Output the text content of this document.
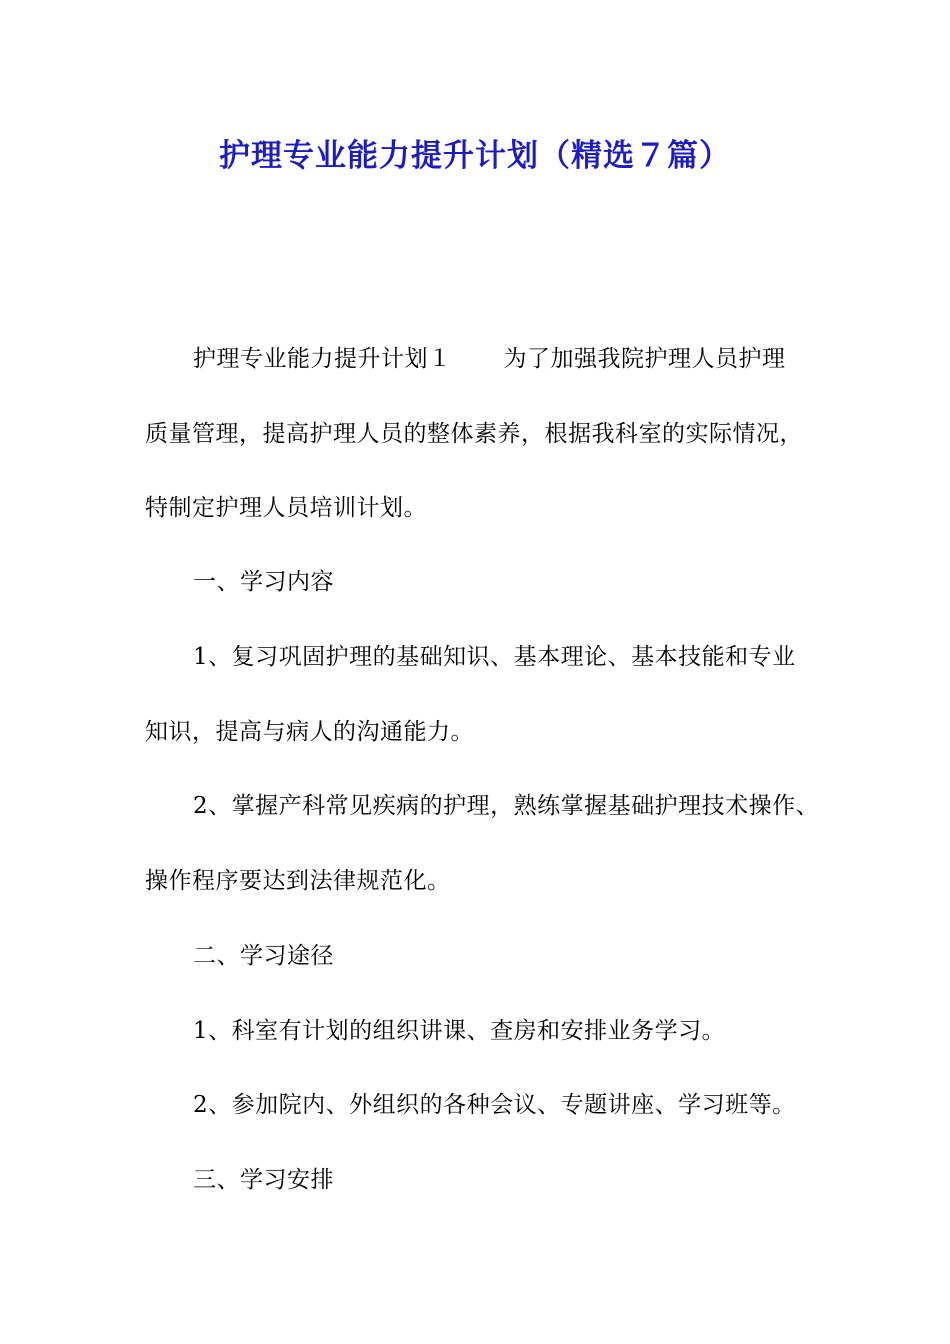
护理专业能力提升计划（精选７篇）
护理专业能力提升计划１ 为了加强我院护理人员护理
质量管理，提高护理人员的整体素养，根据我科室的实际情况，
特制定护理人员培训计划。
一、学习内容
1、复习巩固护理的基础知识、基本理论、基本技能和专业
知识，提高与病人的沟通能力。
2、掌握产科常见疾病的护理，熟练掌握基础护理技术操作、
操作程序要达到法律规范化。
二、学习途径
1、科室有计划的组织讲课、查房和安排业务学习。
2、参加院内、外组织的各种会议、专题讲座、学习班等。
三、学习安排
